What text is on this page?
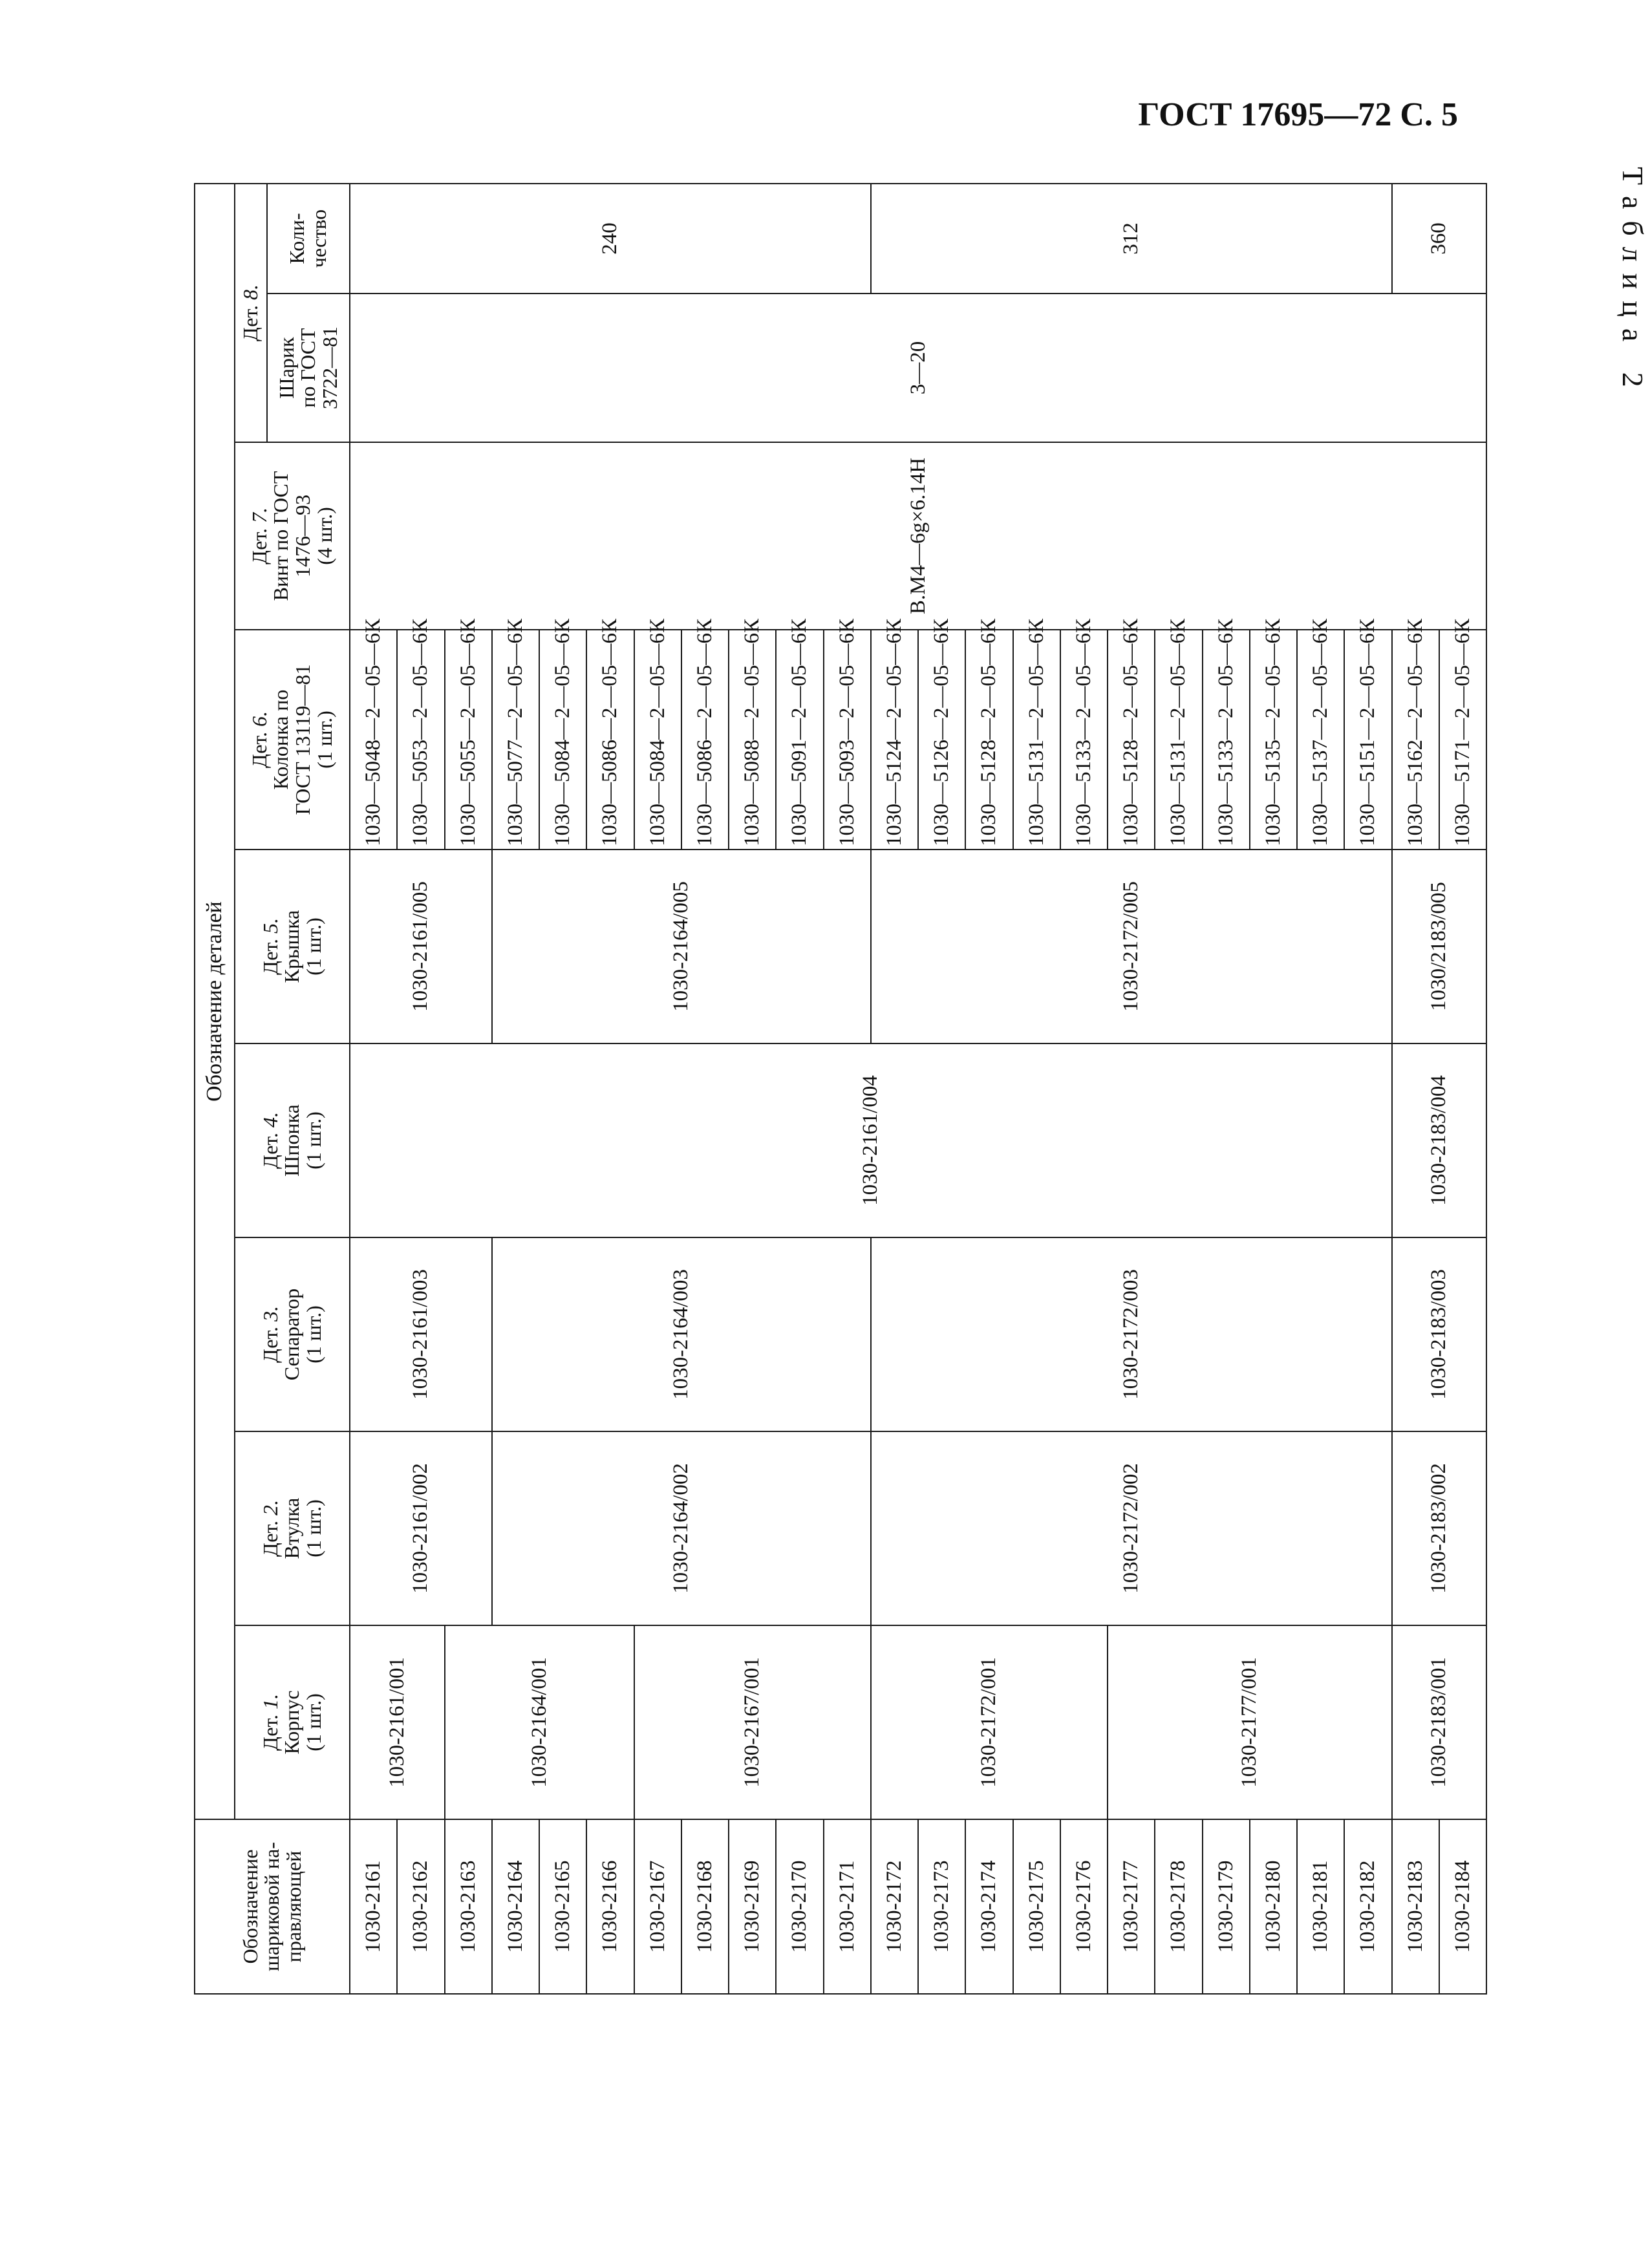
ГОСТ 17695—72 С. 5
Таблица 2
Обозначение
шариковой на-
правляющей	Обозначение деталей								

	Дет. 1.
Корпус
(1 шт.)	Дет. 2.
Втулка
(1 шт.)	Дет. 3.
Сепаратор
(1 шт.)	Дет. 4.
Шпонка
(1 шт.)	Дет. 5.
Крышка
(1 шт.)	Дет. 6.
Колонка по
ГОСТ 13119—81
(1 шт.)	Дет. 7.
Винт по ГОСТ
1476—93
(4 шт.)	Дет. 8.	

								Шарик
по ГОСТ
3722—81	Коли-
чество

1030-2161	1030-2161/001	1030-2161/002	1030-2161/003	1030-2161/004	1030-2161/005	1030—5048—2—05—6К	B.M4—6g×6.14H	3—20	240
1030-2162						1030—5053—2—05—6К			
1030-2163	1030-2164/001					1030—5055—2—05—6К			
1030-2164		1030-2164/002	1030-2164/003		1030-2164/005	1030—5077—2—05—6К			
1030-2165						1030—5084—2—05—6К			
1030-2166						1030—5086—2—05—6К			
1030-2167	1030-2167/001					1030—5084—2—05—6К			
1030-2168						1030—5086—2—05—6К			
1030-2169						1030—5088—2—05—6К			
1030-2170						1030—5091—2—05—6К			
1030-2171						1030—5093—2—05—6К			
1030-2172	1030-2172/001	1030-2172/002	1030-2172/003		1030-2172/005	1030—5124—2—05—6К			312
1030-2173						1030—5126—2—05—6К			
1030-2174						1030—5128—2—05—6К			
1030-2175						1030—5131—2—05—6К			
1030-2176						1030—5133—2—05—6К			
1030-2177	1030-2177/001					1030—5128—2—05—6К			
1030-2178						1030—5131—2—05—6К			
1030-2179						1030—5133—2—05—6К			
1030-2180						1030—5135—2—05—6К			
1030-2181						1030—5137—2—05—6К			
1030-2182						1030—5151—2—05—6К			
1030-2183	1030-2183/001	1030-2183/002	1030-2183/003	1030-2183/004	1030/2183/005	1030—5162—2—05—6К			360
1030-2184						1030—5171—2—05—6К			
